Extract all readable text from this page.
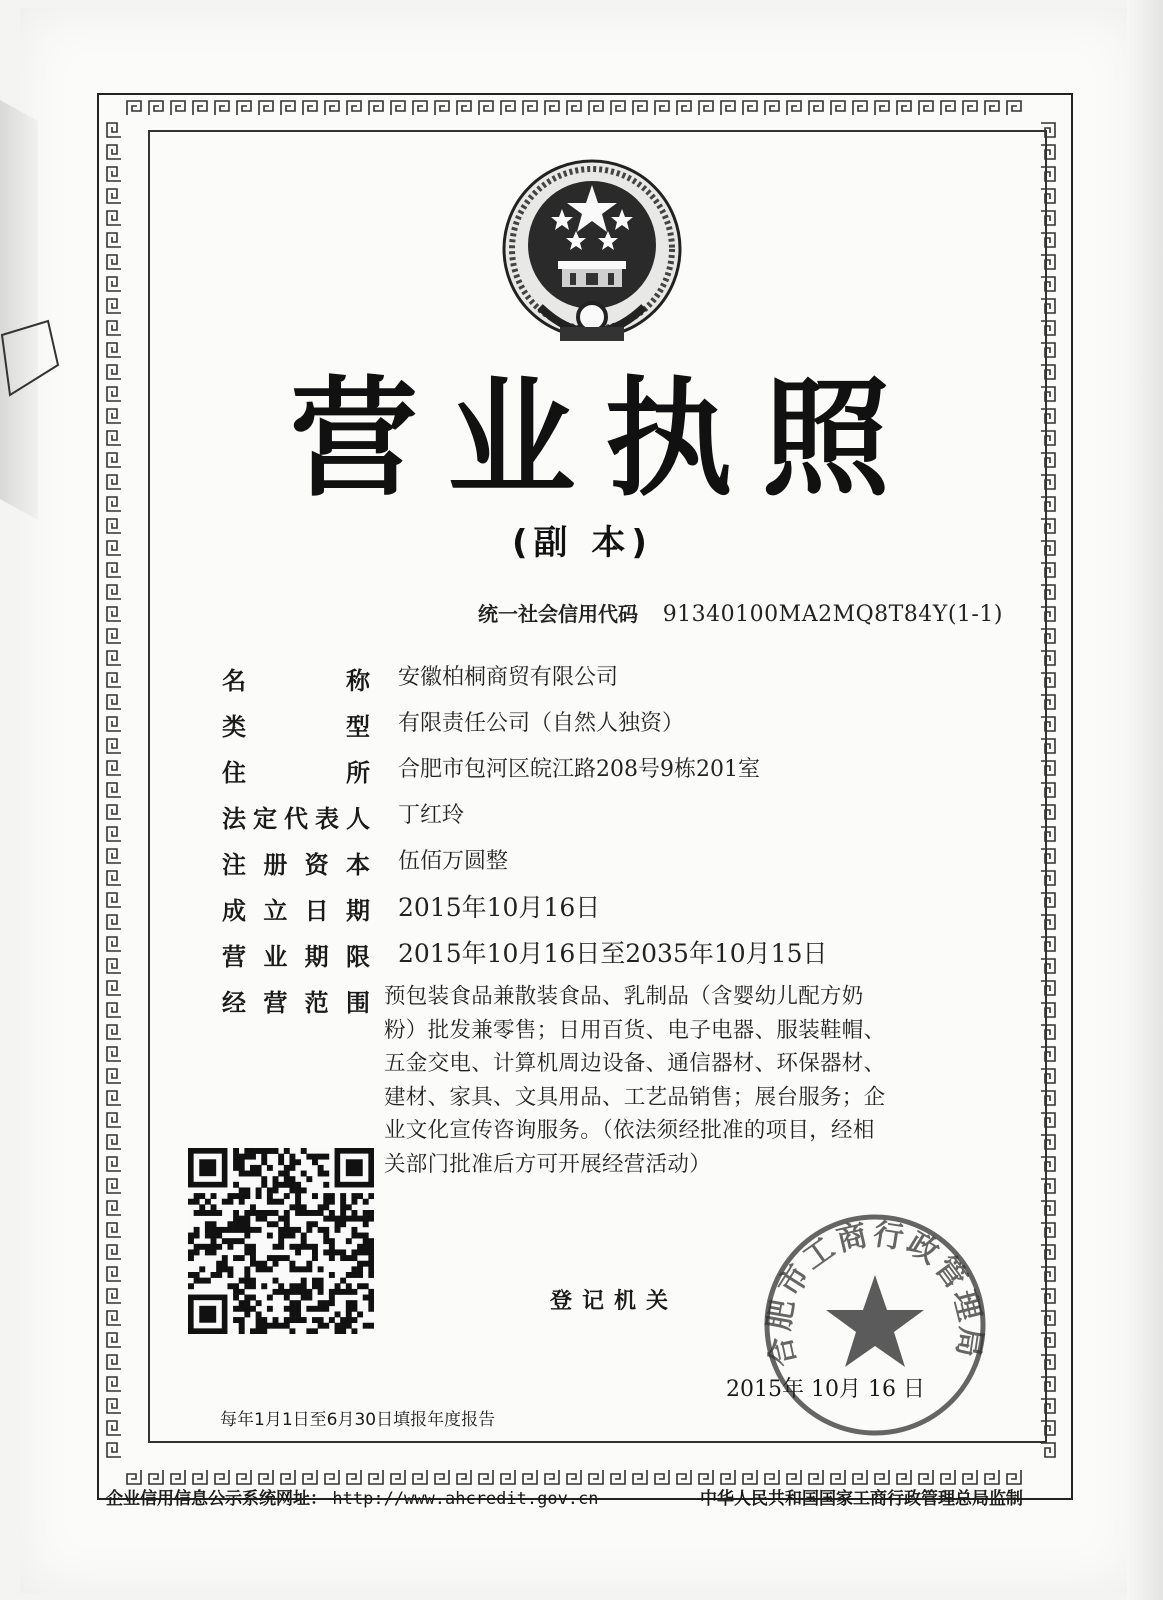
营 业 执 照
(副 本)
统一社会信用代码 91340100MA2MQ8T84Y(1-1)
名	称 安徽柏桐商贸有限公司
类	型 有限责任公司（自然人独资）
住	所 合肥市包河区皖江路208号9栋201室
法 定 代 表 人 丁红玲
注 册 资 本 伍佰万圆整
成 立 日 期 2015年10月16日
营 业 期 限 2015年10月16日至2035年10月15日
经 营 范 围 预包装食品兼散装食品、乳制品（含婴幼儿配方奶
粉）批发兼零售；日用百货、电子电器、服装鞋帽、
五金交电、计算机周边设备、通信器材、环保器材、
建材、家具、文具用品、工艺品销售；展台服务；企
业文化宣传咨询服务。（依法须经批准的项目，经相
关部门批准后方可开展经营活动）
登记机关
合肥市工商行政管理局
2015年 10月 16 日
每年1月1日至6月30日填报年度报告
企业信用信息公示系统网址： http://www.ahcredit.gov.cn	中华人民共和国国家工商行政管理总局监制
